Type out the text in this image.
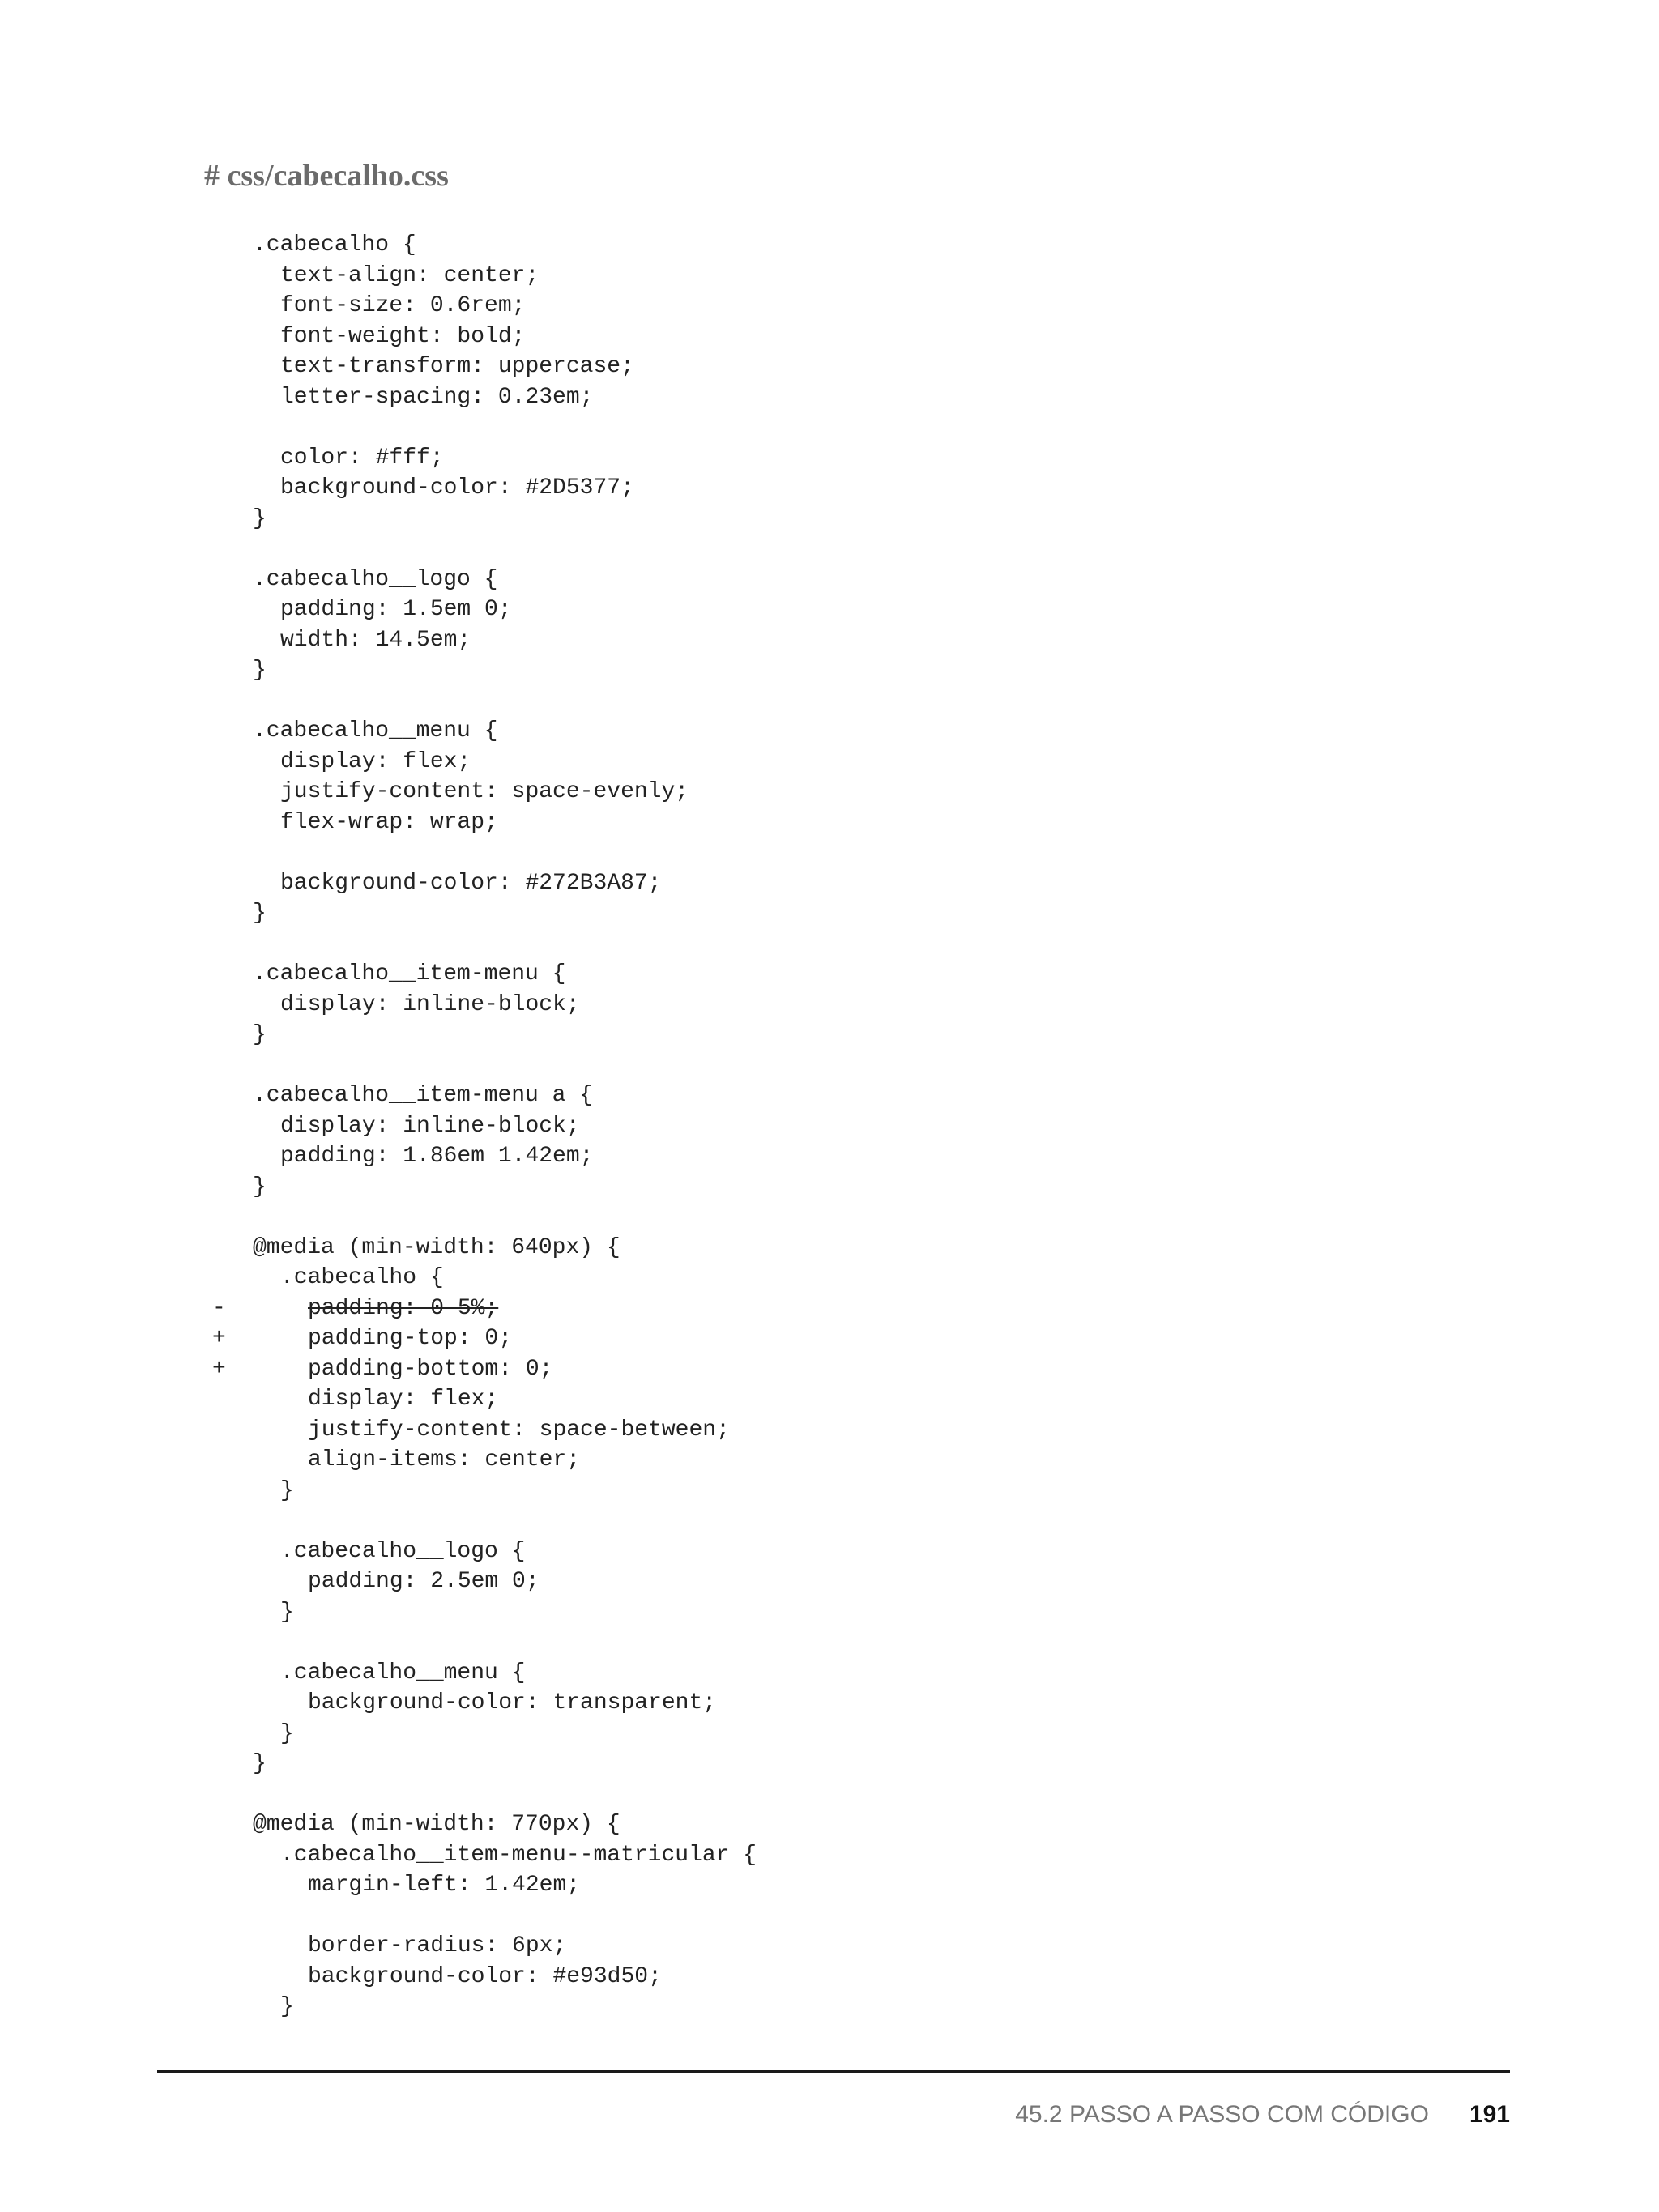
# css/cabecalho.css
.cabecalho {
text-align: center;
font-size: 0.6rem;
font-weight: bold;
text-transform: uppercase;
letter-spacing: 0.23em;
color: #fff;
background-color: #2D5377;
}
.cabecalho__logo {
padding: 1.5em 0;
width: 14.5em;
}
.cabecalho__menu {
display: flex;
justify-content: space-evenly;
flex-wrap: wrap;
background-color: #272B3A87;
}
.cabecalho__item-menu {
display: inline-block;
}
.cabecalho__item-menu a {
display: inline-block;
padding: 1.86em 1.42em;
}
@media (min-width: 640px) {
.cabecalho {
-	padding: 0 5%;
+	padding-top: 0;
+	padding-bottom: 0;
display: flex;
justify-content: space-between;
align-items: center;
}
.cabecalho__logo {
padding: 2.5em 0;
}
.cabecalho__menu {
background-color: transparent;
}
}
@media (min-width: 770px) {
.cabecalho__item-menu--matricular {
margin-left: 1.42em;
border-radius: 6px;
background-color: #e93d50;
}
45.2 PASSO A PASSO COM CÓDIGO 191
